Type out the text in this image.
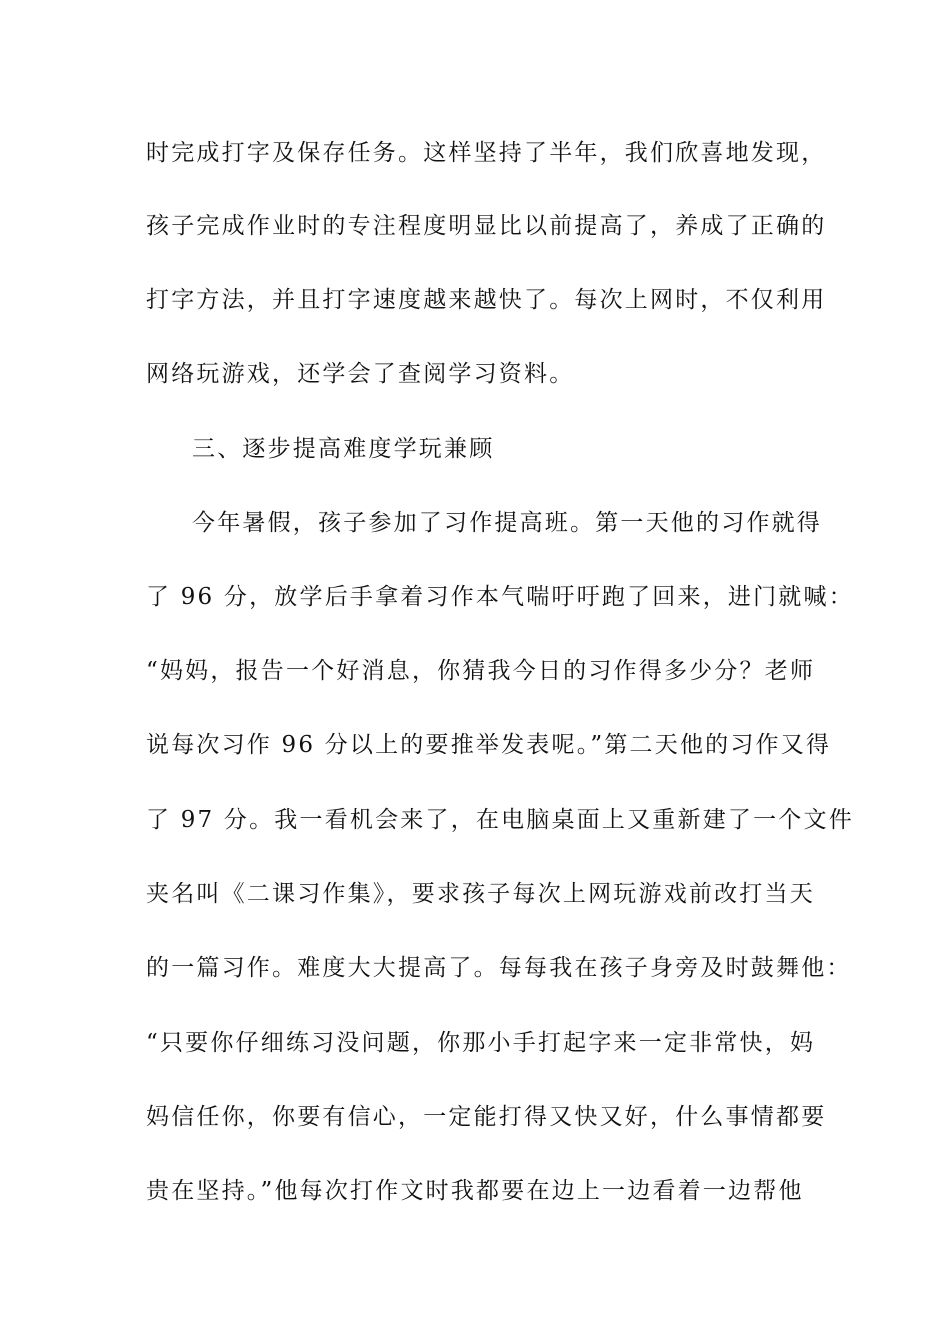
时完成打字及保存任务。这样坚持了半年，我们欣喜地发现，
孩子完成作业时的专注程度明显比以前提高了，养成了正确的
打字方法，并且打字速度越来越快了。每次上网时，不仅利用
网络玩游戏，还学会了查阅学习资料。
三、逐步提高难度学玩兼顾
今年暑假，孩子参加了习作提高班。第一天他的习作就得
了 96 分，放学后手拿着习作本气喘吁吁跑了回来，进门就喊：
“妈妈，报告一个好消息，你猜我今日的习作得多少分？老师
说每次习作 96 分以上的要推举发表呢。”第二天他的习作又得
了 97 分。我一看机会来了，在电脑桌面上又重新建了一个文件
夹名叫《二课习作集》，要求孩子每次上网玩游戏前改打当天
的一篇习作。难度大大提高了。每每我在孩子身旁及时鼓舞他：
“只要你仔细练习没问题，你那小手打起字来一定非常快，妈
妈信任你，你要有信心，一定能打得又快又好，什么事情都要
贵在坚持。”他每次打作文时我都要在边上一边看着一边帮他
